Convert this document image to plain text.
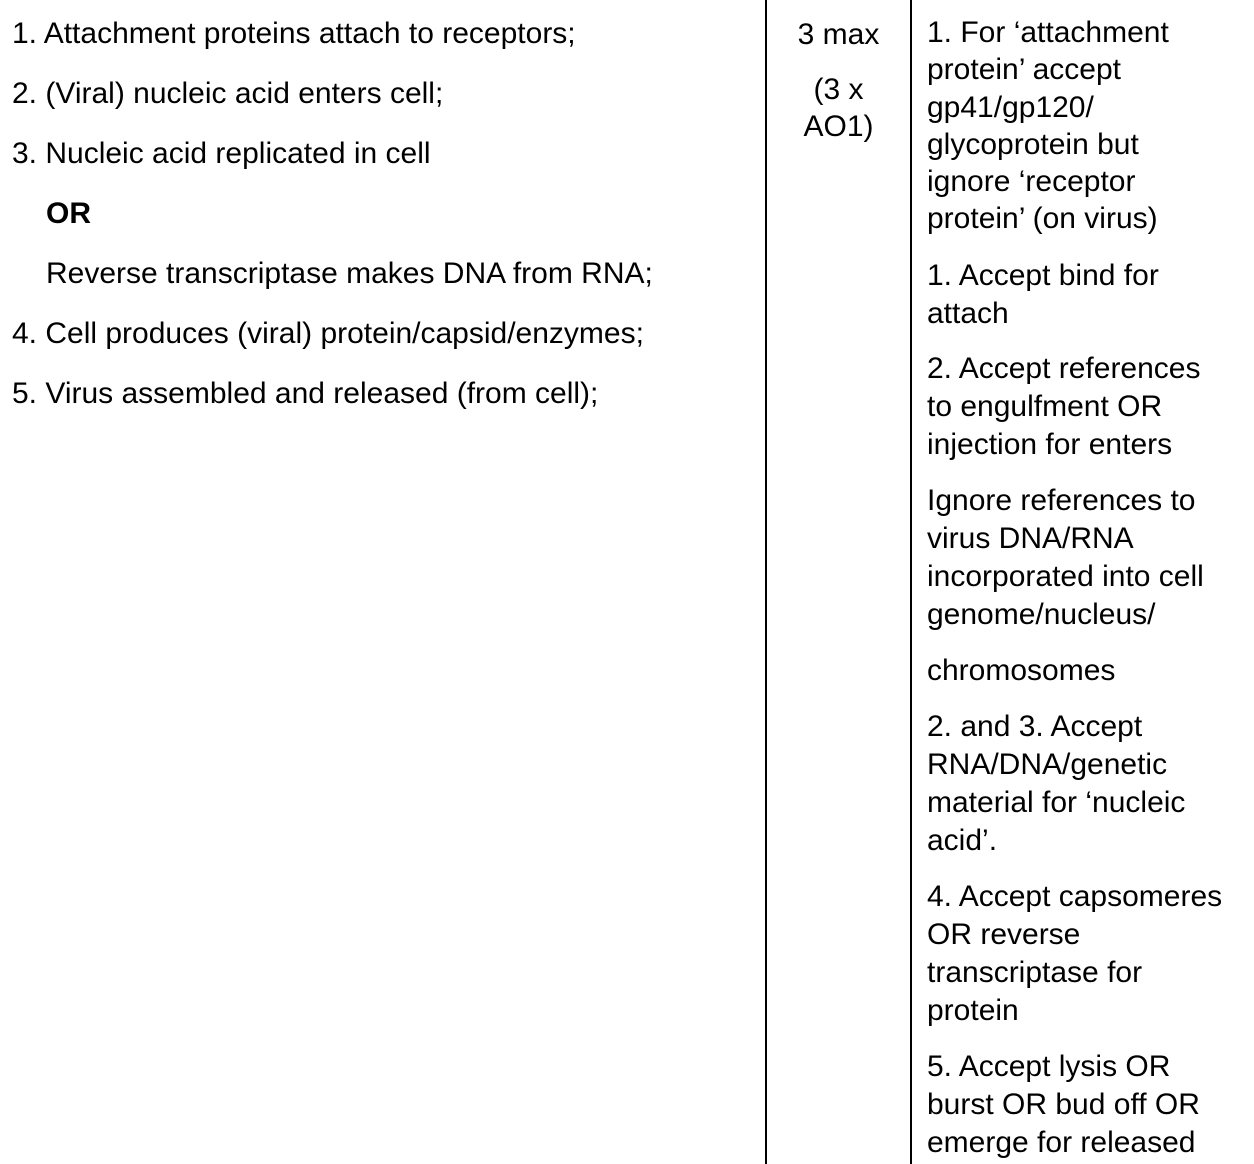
1. Attachment proteins attach to receptors;
2. (Viral) nucleic acid enters cell;
3. Nucleic acid replicated in cell
OR
Reverse transcriptase makes DNA from RNA;
4. Cell produces (viral) protein/capsid/enzymes;
5. Virus assembled and released (from cell);
3 max
(3 x
AO1)
1. For ‘attachment
protein’ accept
gp41/gp120/
glycoprotein but
ignore ‘receptor
protein’ (on virus)
1. Accept bind for
attach
2. Accept references
to engulfment OR
injection for enters
Ignore references to
virus DNA/RNA
incorporated into cell
genome/nucleus/
chromosomes
2. and 3. Accept
RNA/DNA/genetic
material for ‘nucleic
acid’.
4. Accept capsomeres
OR reverse
transcriptase for
protein
5. Accept lysis OR
burst OR bud off OR
emerge for released
